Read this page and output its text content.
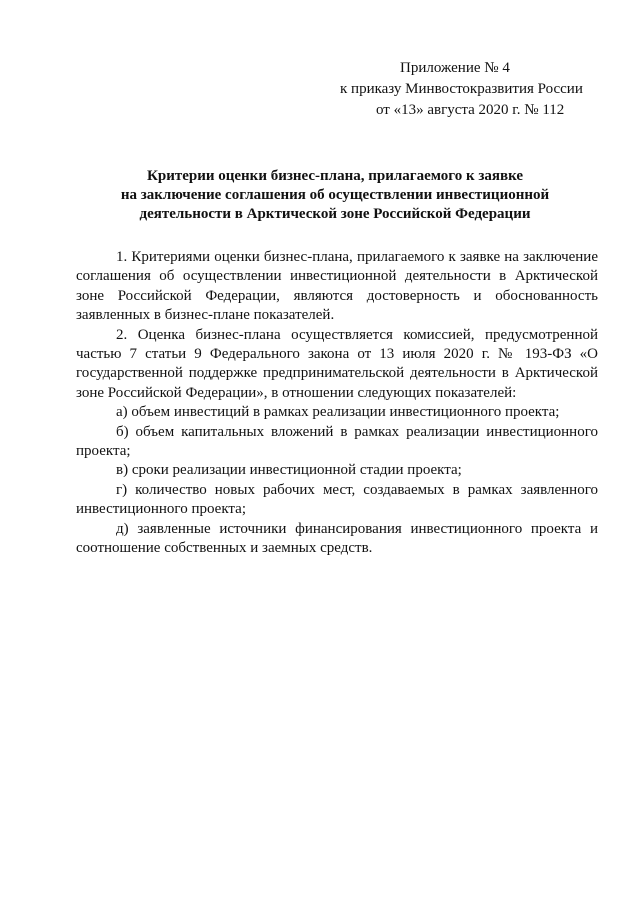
Приложение № 4
к приказу Минвостокразвития России
от «13» августа 2020 г. № 112
Критерии оценки бизнес-плана, прилагаемого к заявке
на заключение соглашения об осуществлении инвестиционной
деятельности в Арктической зоне Российской Федерации

1. Критериями оценки бизнес-плана, прилагаемого к заявке на заключение соглашения об осуществлении инвестиционной деятельности в Арктической зоне Российской Федерации, являются достоверность и обоснованность заявленных в бизнес-плане показателей.

2. Оценка бизнес-плана осуществляется комиссией, предусмотренной частью 7 статьи 9 Федерального закона от 13 июля 2020 г. № 193-ФЗ «О государственной поддержке предпринимательской деятельности в Арктической зоне Российской Федерации», в отношении следующих показателей:

а) объем инвестиций в рамках реализации инвестиционного проекта;

б) объем капитальных вложений в рамках реализации инвестиционного проекта;

в) сроки реализации инвестиционной стадии проекта;

г) количество новых рабочих мест, создаваемых в рамках заявленного инвестиционного проекта;

д) заявленные источники финансирования инвестиционного проекта и соотношение собственных и заемных средств.
